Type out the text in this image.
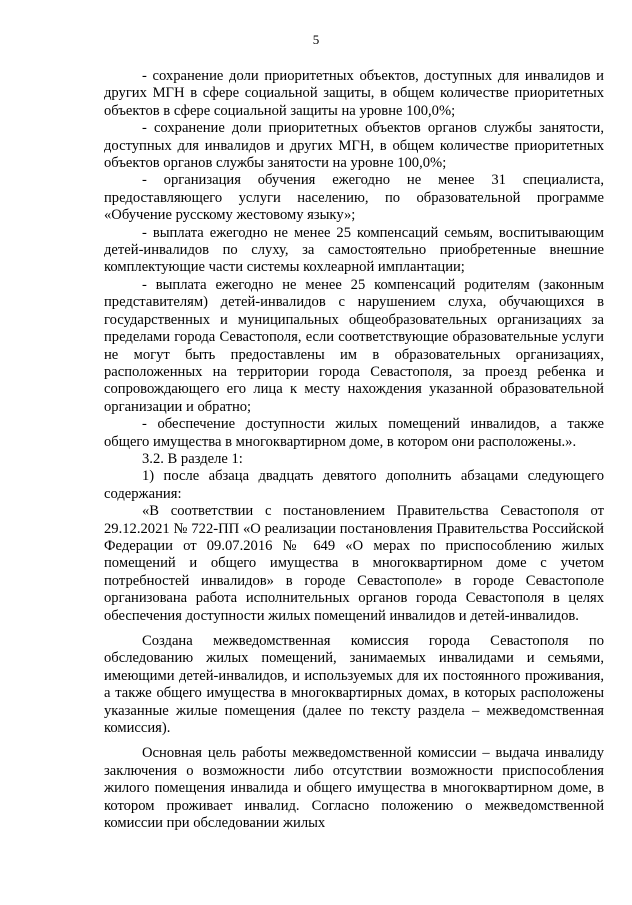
5

- сохранение доли приоритетных объектов, доступных для инвалидов и других МГН в сфере социальной защиты, в общем количестве приоритетных объектов в сфере социальной защиты на уровне 100,0%;

- сохранение доли приоритетных объектов органов службы занятости, доступных для инвалидов и других МГН, в общем количестве приоритетных объектов органов службы занятости на уровне 100,0%;

- организация обучения ежегодно не менее 31 специалиста, предоставляющего услуги населению, по образовательной программе «Обучение русскому жестовому языку»;

- выплата ежегодно не менее 25 компенсаций семьям, воспитывающим детей-инвалидов по слуху, за самостоятельно приобретенные внешние комплектующие части системы кохлеарной имплантации;

- выплата ежегодно не менее 25 компенсаций родителям (законным представителям) детей-инвалидов с нарушением слуха, обучающихся в государственных и муниципальных общеобразовательных организациях за пределами города Севастополя, если соответствующие образовательные услуги не могут быть предоставлены им в образовательных организациях, расположенных на территории города Севастополя, за проезд ребенка и сопровождающего его лица к месту нахождения указанной образовательной организации и обратно;

- обеспечение доступности жилых помещений инвалидов, а также общего имущества в многоквартирном доме, в котором они расположены.».

3.2. В разделе 1:

1) после абзаца двадцать девятого дополнить абзацами следующего содержания:

«В соответствии с постановлением Правительства Севастополя от 29.12.2021 № 722-ПП «О реализации постановления Правительства Российской Федерации от 09.07.2016 № 649 «О мерах по приспособлению жилых помещений и общего имущества в многоквартирном доме с учетом потребностей инвалидов» в городе Севастополе» в городе Севастополе организована работа исполнительных органов города Севастополя в целях обеспечения доступности жилых помещений инвалидов и детей-инвалидов.

Создана межведомственная комиссия города Севастополя по обследованию жилых помещений, занимаемых инвалидами и семьями, имеющими детей-инвалидов, и используемых для их постоянного проживания, а также общего имущества в многоквартирных домах, в которых расположены указанные жилые помещения (далее по тексту раздела – межведомственная комиссия).

Основная цель работы межведомственной комиссии – выдача инвалиду заключения о возможности либо отсутствии возможности приспособления жилого помещения инвалида и общего имущества в многоквартирном доме, в котором проживает инвалид. Согласно положению о межведомственной комиссии при обследовании жилых
